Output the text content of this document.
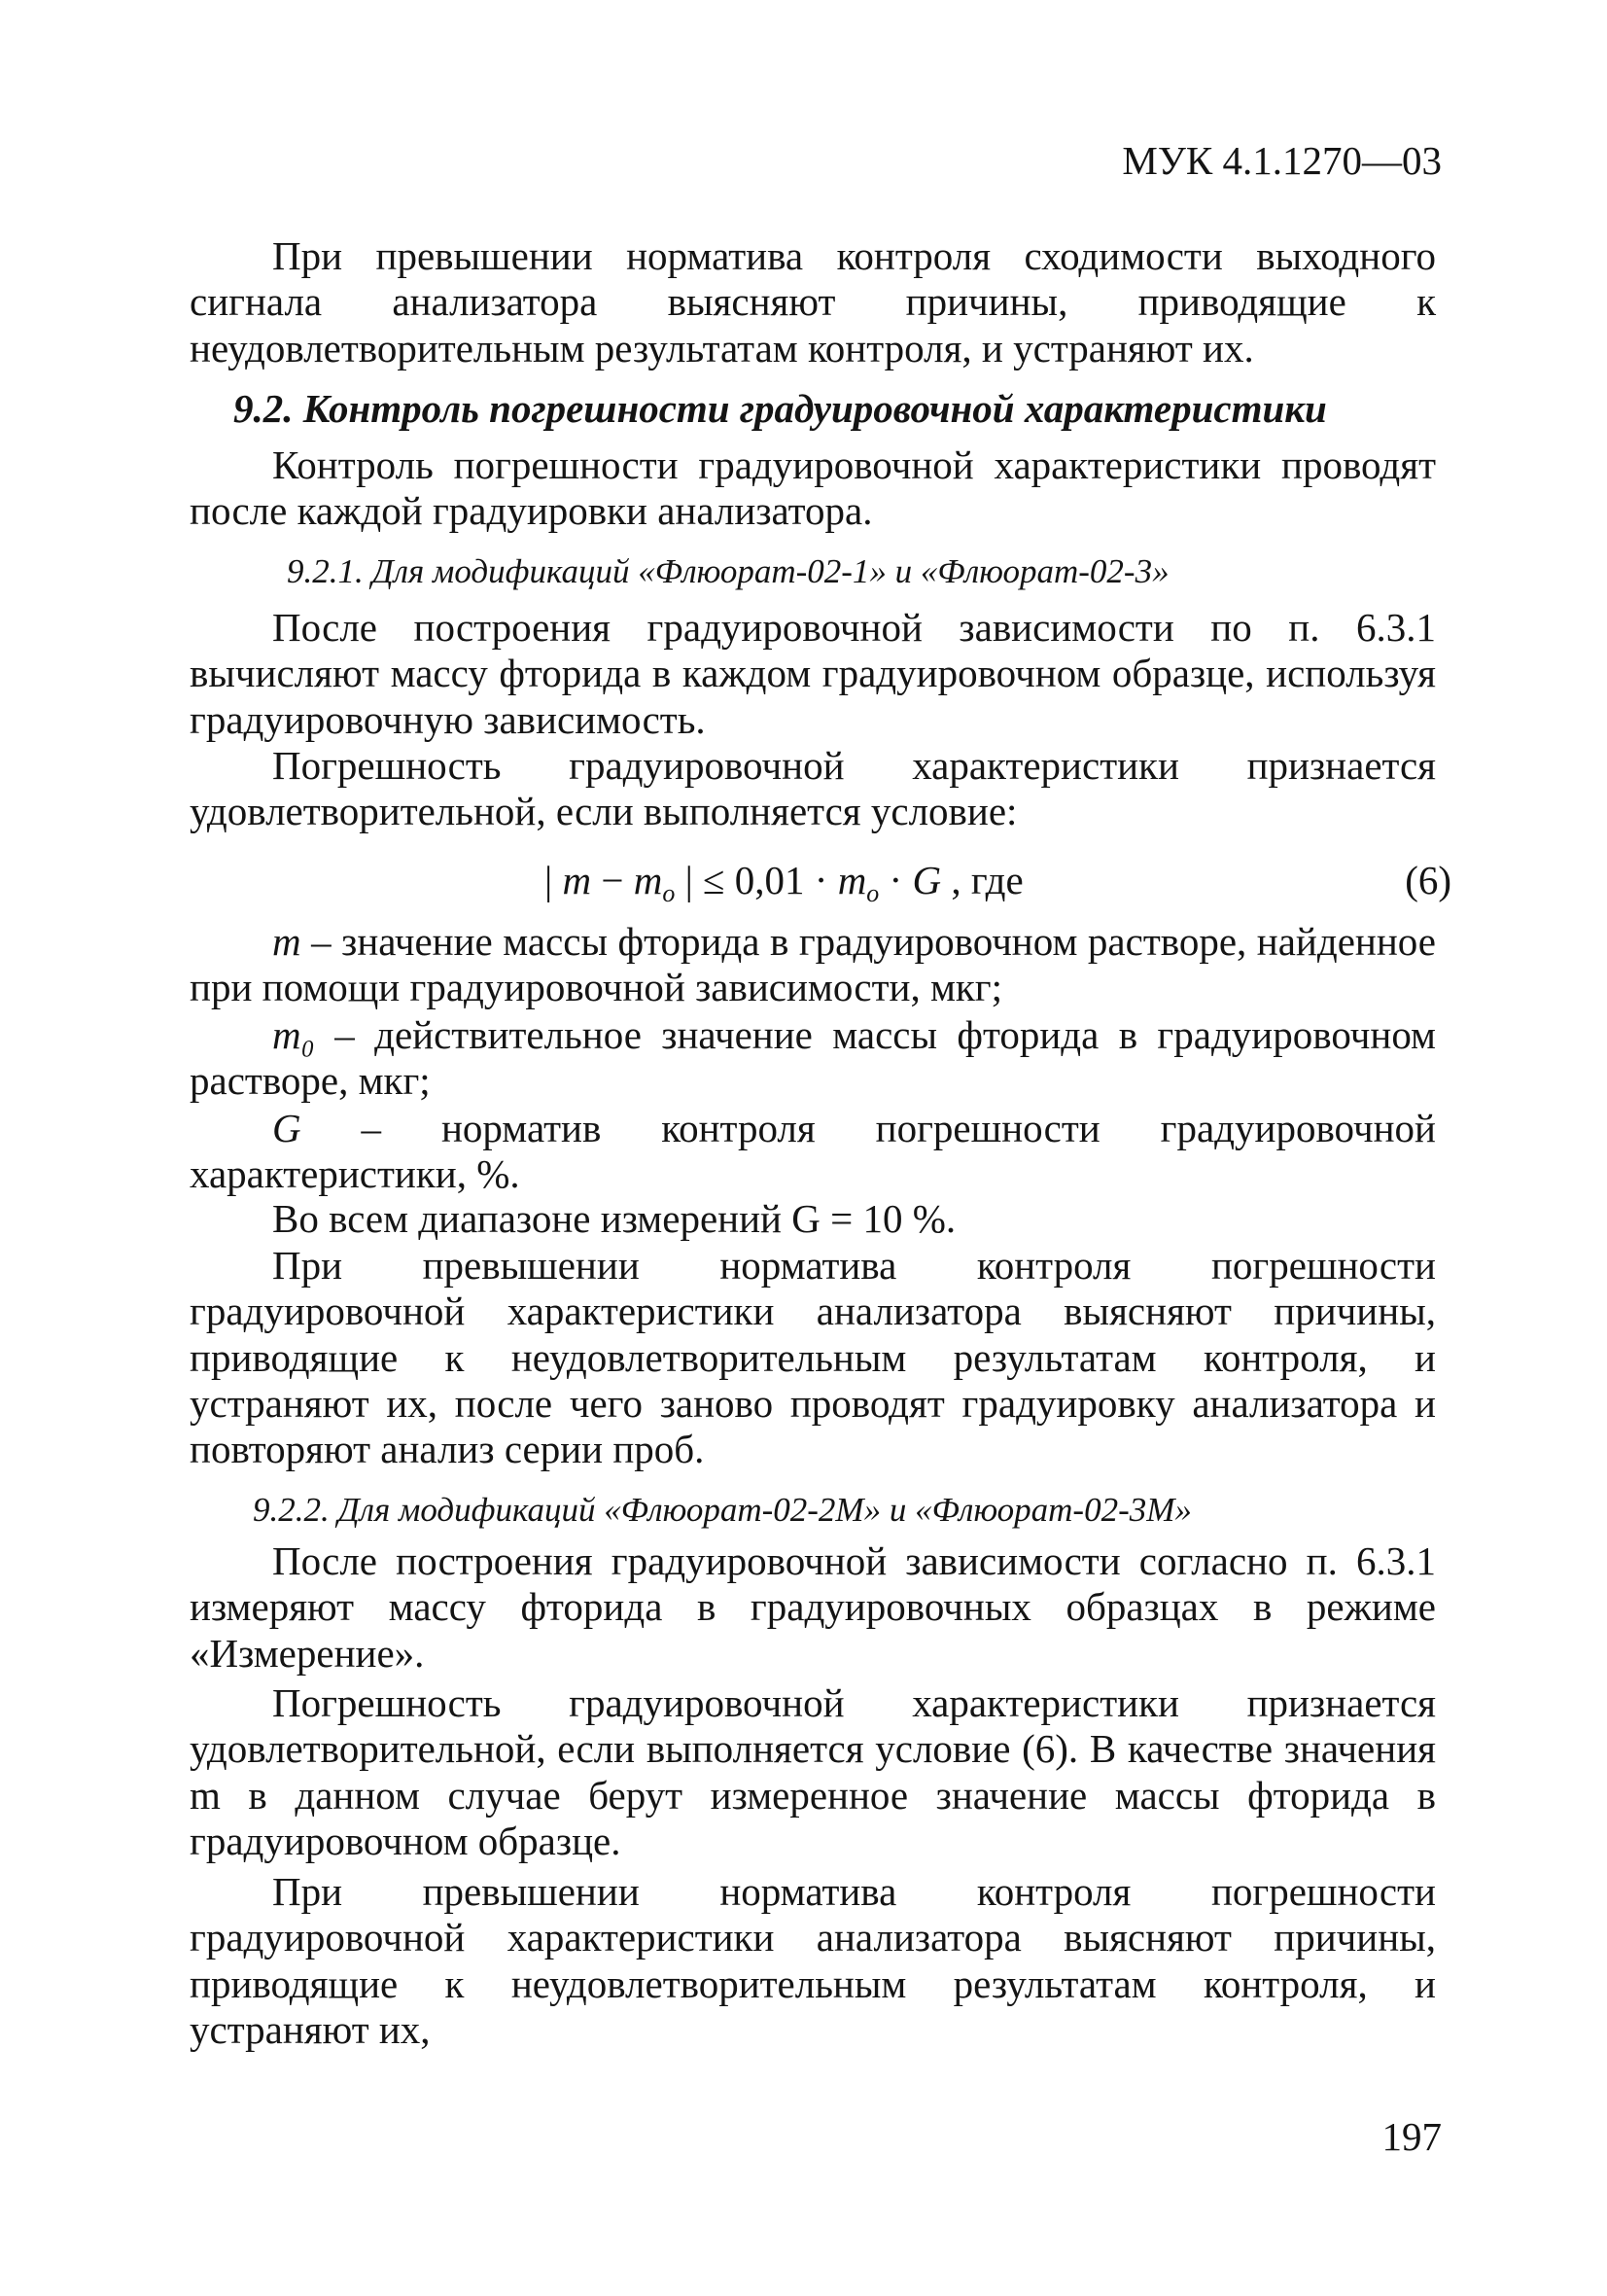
МУК 4.1.1270—03

При превышении норматива контроля сходимости выходного сигнала анализатора выясняют причины, приводящие к неудовлетворительным результатам контроля, и устраняют их.

9.2. Контроль погрешности градуировочной характеристики

Контроль погрешности градуировочной характеристики проводят после каждой градуировки анализатора.

9.2.1. Для модификаций «Флюорат-02-1» и «Флюорат-02-3»

После построения градуировочной зависимости по п. 6.3.1 вычисляют массу фторида в каждом градуировочном образце, используя градуировочную зависимость.

Погрешность градуировочной характеристики признается удовлетворительной, если выполняется условие:

| $m - m_o$ | ≤ $0,01 \cdot m_o \cdot G$ , где	(6)

m – значение массы фторида в градуировочном растворе, найденное при помощи градуировочной зависимости, мкг;

m₀ – действительное значение массы фторида в градуировочном растворе, мкг;

G – норматив контроля погрешности градуировочной характеристики, %.

Во всем диапазоне измерений G = 10 %.

При превышении норматива контроля погрешности градуировочной характеристики анализатора выясняют причины, приводящие к неудовлетворительным результатам контроля, и устраняют их, после чего заново проводят градуировку анализатора и повторяют анализ серии проб.

9.2.2. Для модификаций «Флюорат-02-2М» и «Флюорат-02-3М»

После построения градуировочной зависимости согласно п. 6.3.1 измеряют массу фторида в градуировочных образцах в режиме «Измерение».

Погрешность градуировочной характеристики признается удовлетворительной, если выполняется условие (6). В качестве значения m в данном случае берут измеренное значение массы фторида в градуировочном образце.

При превышении норматива контроля погрешности градуировочной характеристики анализатора выясняют причины, приводящие к неудовлетворительным результатам контроля, и устраняют их,

197
